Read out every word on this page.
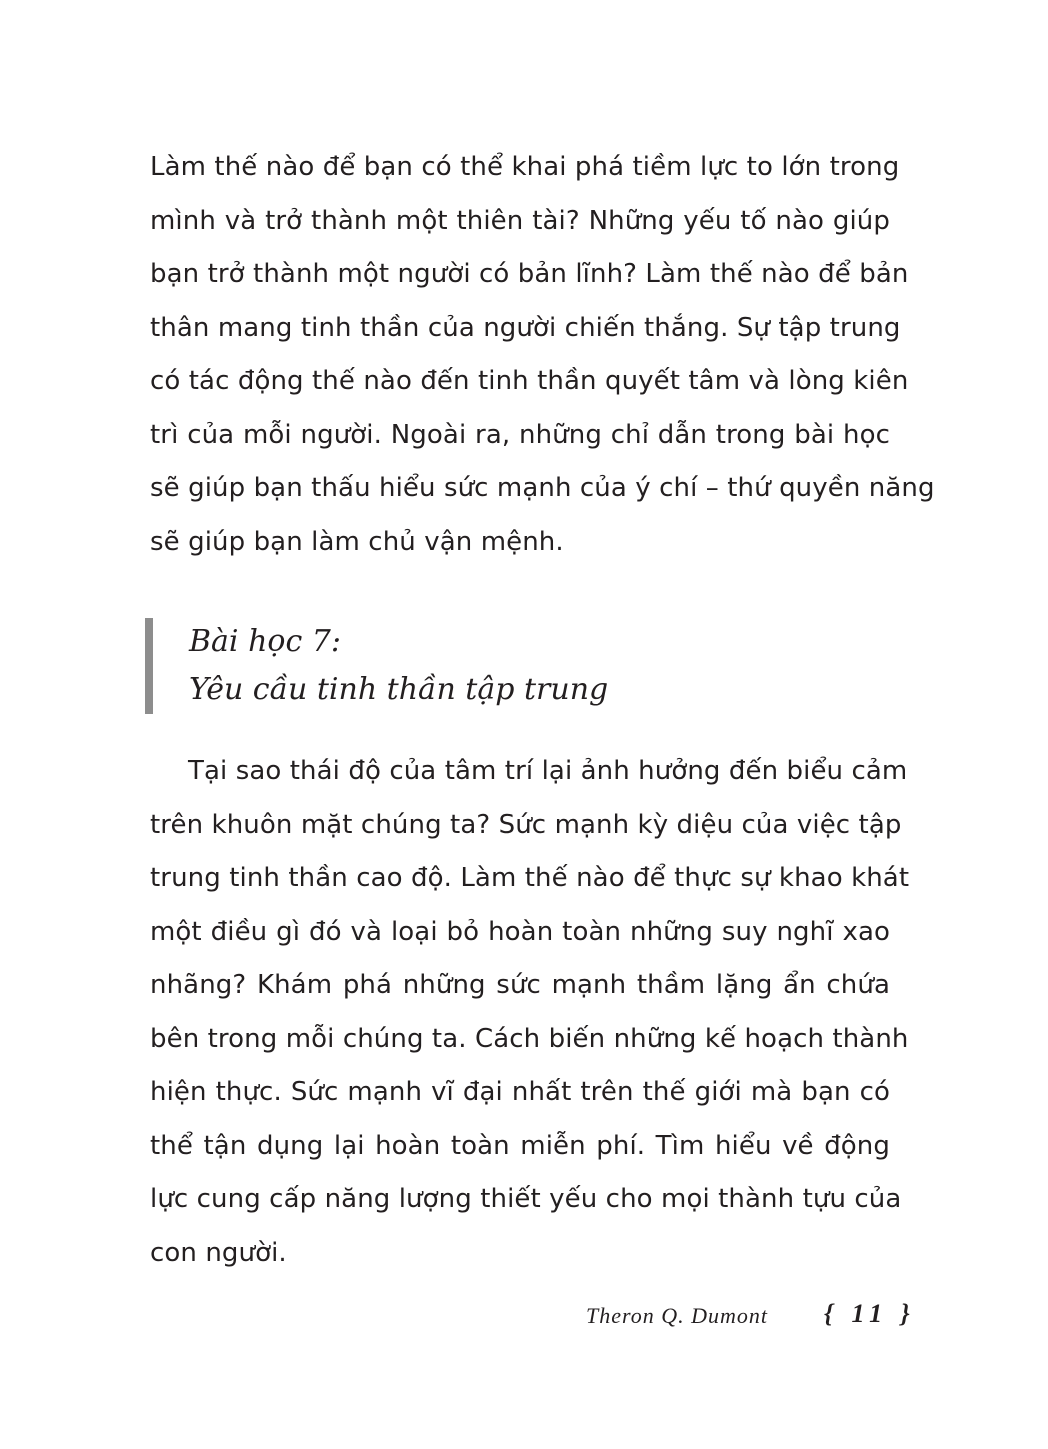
Làm thế nào để bạn có thể khai phá tiềm lực to lớn trong
mình và trở thành một thiên tài? Những yếu tố nào giúp
bạn trở thành một người có bản lĩnh? Làm thế nào để bản
thân mang tinh thần của người chiến thắng. Sự tập trung
có tác động thế nào đến tinh thần quyết tâm và lòng kiên
trì của mỗi người. Ngoài ra, những chỉ dẫn trong bài học
sẽ giúp bạn thấu hiểu sức mạnh của ý chí – thứ quyền năng
sẽ giúp bạn làm chủ vận mệnh.

Bài học 7:
Yêu cầu tinh thần tập trung

Tại sao thái độ của tâm trí lại ảnh hưởng đến biểu cảm
trên khuôn mặt chúng ta? Sức mạnh kỳ diệu của việc tập
trung tinh thần cao độ. Làm thế nào để thực sự khao khát
một điều gì đó và loại bỏ hoàn toàn những suy nghĩ xao
nhãng? Khám phá những sức mạnh thầm lặng ẩn chứa
bên trong mỗi chúng ta. Cách biến những kế hoạch thành
hiện thực. Sức mạnh vĩ đại nhất trên thế giới mà bạn có
thể tận dụng lại hoàn toàn miễn phí. Tìm hiểu về động
lực cung cấp năng lượng thiết yếu cho mọi thành tựu của
con người.

Theron Q. Dumont { 11 }
